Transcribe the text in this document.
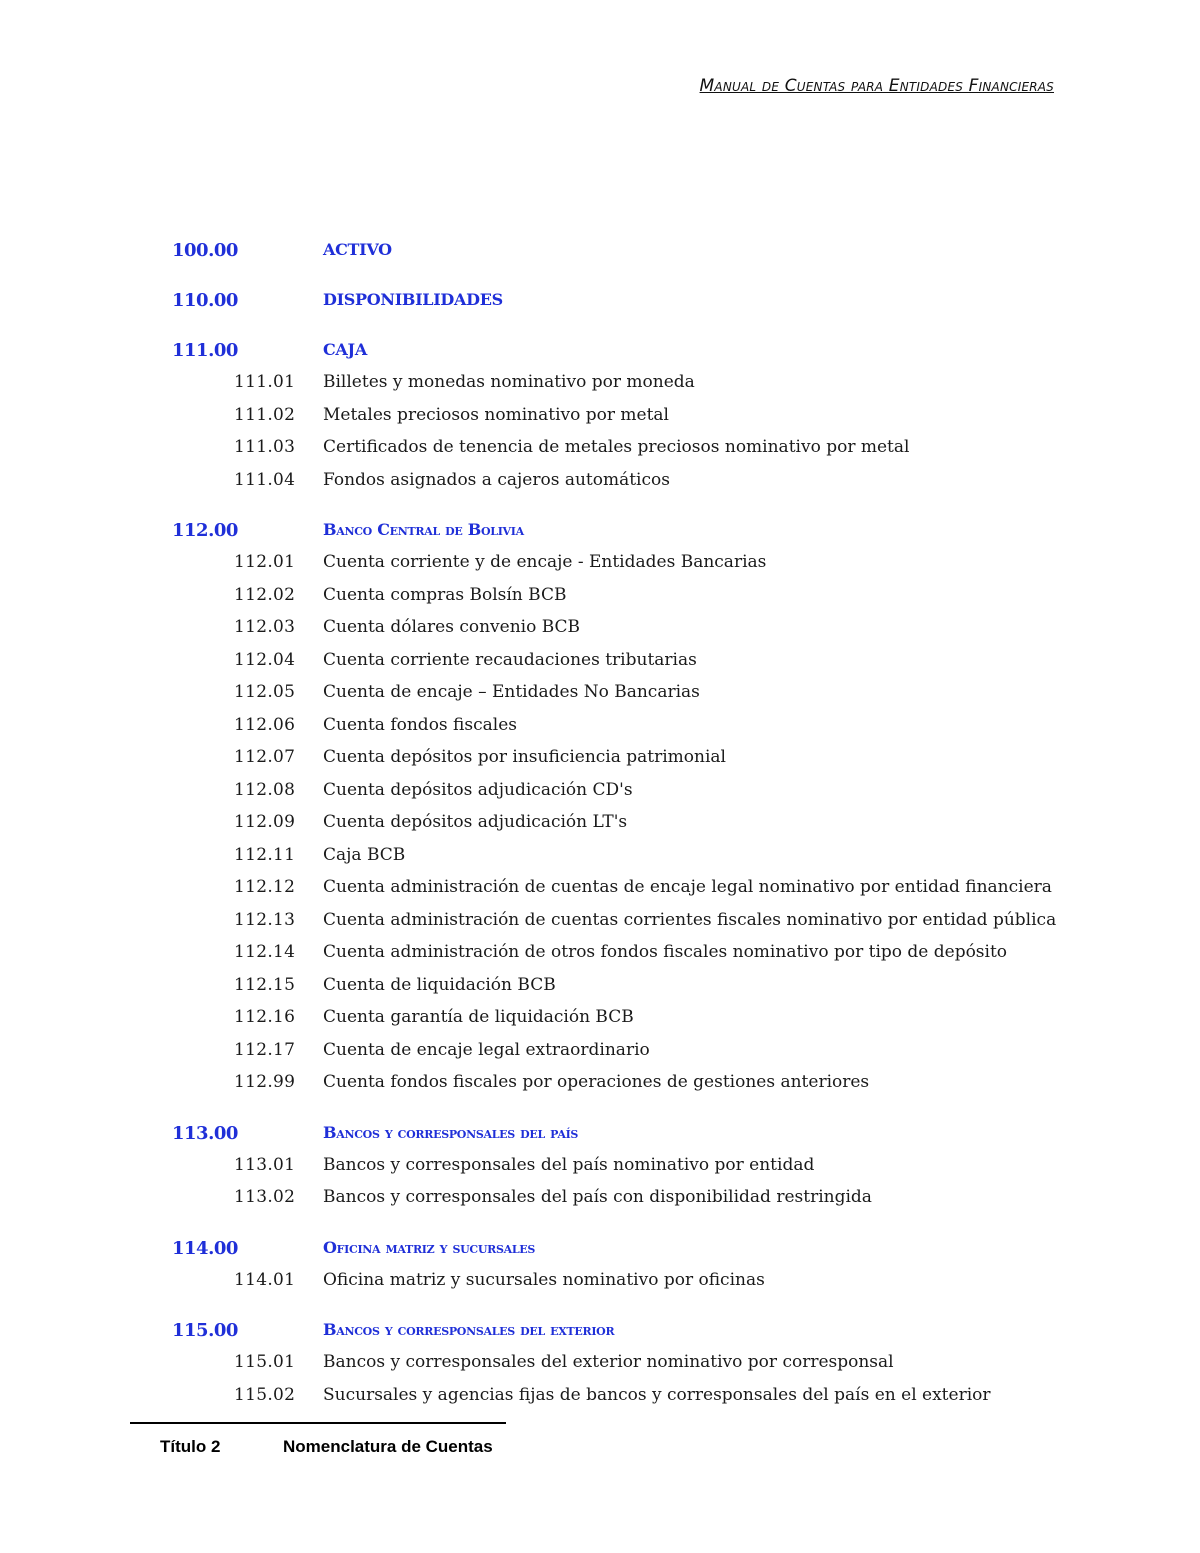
Manual de Cuentas para Entidades Financieras
100.00	ACTIVO
110.00	DISPONIBILIDADES
111.00	CAJA
111.01 Billetes y monedas nominativo por moneda
111.02 Metales preciosos nominativo por metal
111.03 Certificados de tenencia de metales preciosos nominativo por metal
111.04 Fondos asignados a cajeros automáticos
112.00	Banco Central de Bolivia
112.01 Cuenta corriente y de encaje - Entidades Bancarias
112.02 Cuenta compras Bolsín BCB
112.03 Cuenta dólares convenio BCB
112.04 Cuenta corriente recaudaciones tributarias
112.05 Cuenta de encaje – Entidades No Bancarias
112.06 Cuenta fondos fiscales
112.07 Cuenta depósitos por insuficiencia patrimonial
112.08 Cuenta depósitos adjudicación CD's
112.09 Cuenta depósitos adjudicación LT's
112.11 Caja BCB
112.12 Cuenta administración de cuentas de encaje legal nominativo por entidad financiera
112.13 Cuenta administración de cuentas corrientes fiscales nominativo por entidad pública
112.14 Cuenta administración de otros fondos fiscales nominativo por tipo de depósito
112.15 Cuenta de liquidación BCB
112.16 Cuenta garantía de liquidación BCB
112.17 Cuenta de encaje legal extraordinario
112.99 Cuenta fondos fiscales por operaciones de gestiones anteriores
113.00	Bancos y corresponsales del país
113.01 Bancos y corresponsales del país nominativo por entidad
113.02 Bancos y corresponsales del país con disponibilidad restringida
114.00	Oficina matriz y sucursales
114.01 Oficina matriz y sucursales nominativo por oficinas
115.00	Bancos y corresponsales del exterior
115.01 Bancos y corresponsales del exterior nominativo por corresponsal
115.02 Sucursales y agencias fijas de bancos y corresponsales del país en el exterior
Título 2	Nomenclatura de Cuentas
